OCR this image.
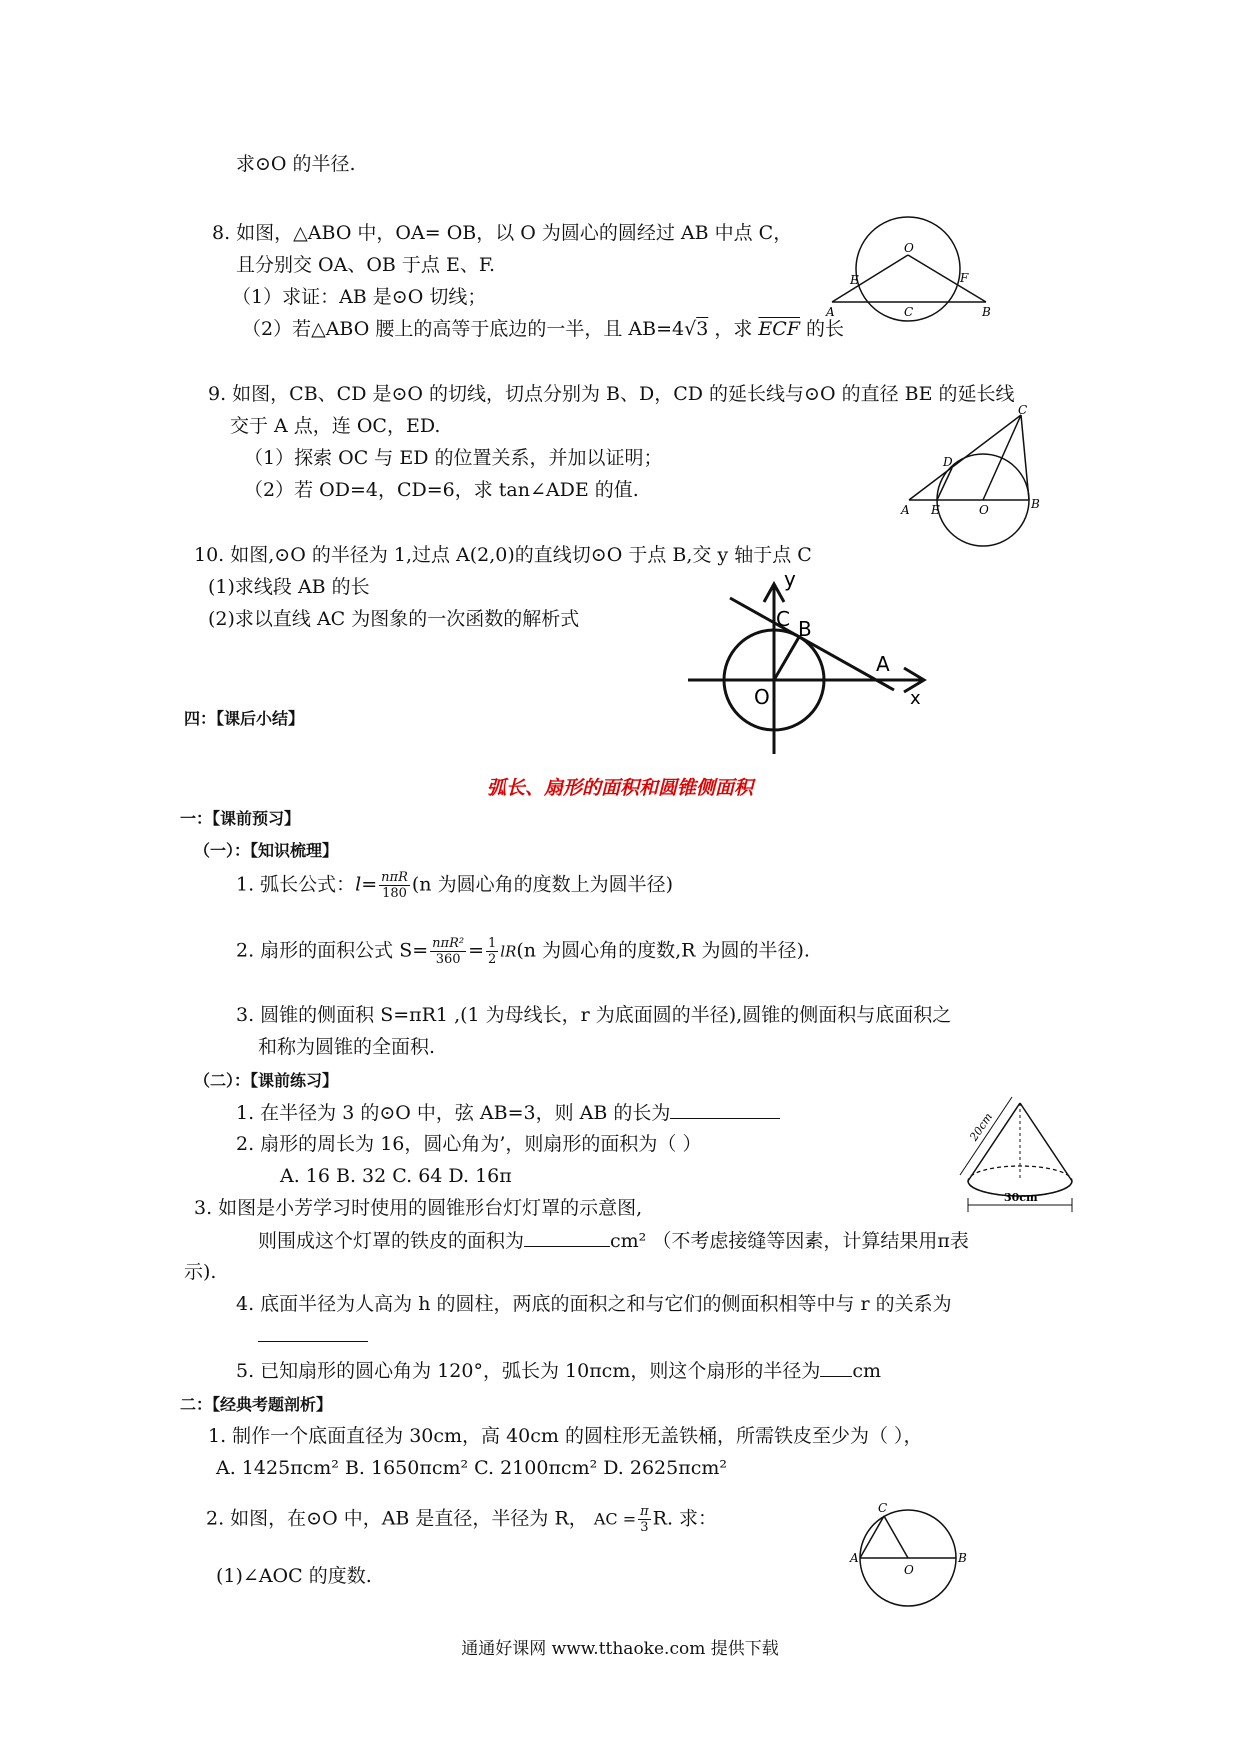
求⊙O 的半径.
8. 如图，△ABO 中，OA= OB，以 O 为圆心的圆经过 AB 中点 C，
且分别交 OA、OB 于点 E、F.
（1）求证：AB 是⊙O 切线；
（2）若△ABO 腰上的高等于底边的一半，且 AB=4√3 ，求 $\overline{ECF}$ 的长
9. 如图，CB、CD 是⊙O 的切线，切点分别为 B、D，CD 的延长线与⊙O 的直径 BE 的延长线
交于 A 点，连 OC，ED.
（1）探索 OC 与 ED 的位置关系，并加以证明；
（2）若 OD=4，CD=6，求 tan∠ADE 的值.
10. 如图,⊙O 的半径为 1,过点 A(2,0)的直线切⊙O 于点 B,交 y 轴于点 C
(1)求线段 AB 的长
(2)求以直线 AC 为图象的一次函数的解析式
四：【课后小结】
弧长、扇形的面积和圆锥侧面积
一：【课前预习】
（一）：【知识梳理】
1. 弧长公式：$l= \frac{\text{nπR}}{180} (n$ 为圆心角的度数上为圆半径)
2. 扇形的面积公式 $S= \frac{\text{nπR²}}{360} = \frac{1}{2} lR(n$ 为圆心角的度数,R 为圆的半径).
3. 圆锥的侧面积 S=πR1 ,(1 为母线长，r 为底面圆的半径),圆锥的侧面积与底面积之
和称为圆锥的全面积.
（二）：【课前练习】
1. 在半径为 3 的⊙O 中，弦 AB=3，则 AB 的长为
2. 扇形的周长为 16，圆心角为’，则扇形的面积为（ ）
A. 16 B. 32 C. 64 D. 16π
3. 如图是小芳学习时使用的圆锥形台灯灯罩的示意图,
则围成这个灯罩的铁皮的面积为	cm² （不考虑接缝等因素，计算结果用π表
示).
4. 底面半径为人高为 h 的圆柱，两底的面积之和与它们的侧面积相等中与 r 的关系为
5. 已知扇形的圆心角为 120°，弧长为 10πcm，则这个扇形的半径为 cm
二：【经典考题剖析】
1. 制作一个底面直径为 30cm，高 40cm 的圆柱形无盖铁桶，所需铁皮至少为（ ），
A. 1425πcm² B. 1650πcm² C. 2100πcm² D. 2625πcm²
2. 如图，在⊙O 中，AB 是直径，半径为 R， AC = $\frac{\pi}{3} R$. 求：
(1)∠AOC 的度数.
O
E	F
A	C	B
C
D
A E	O	B
y
C B
A
O	x
20cm
30cm
C
A	B
O
通通好课网 www.tthaoke.com 提供下载
